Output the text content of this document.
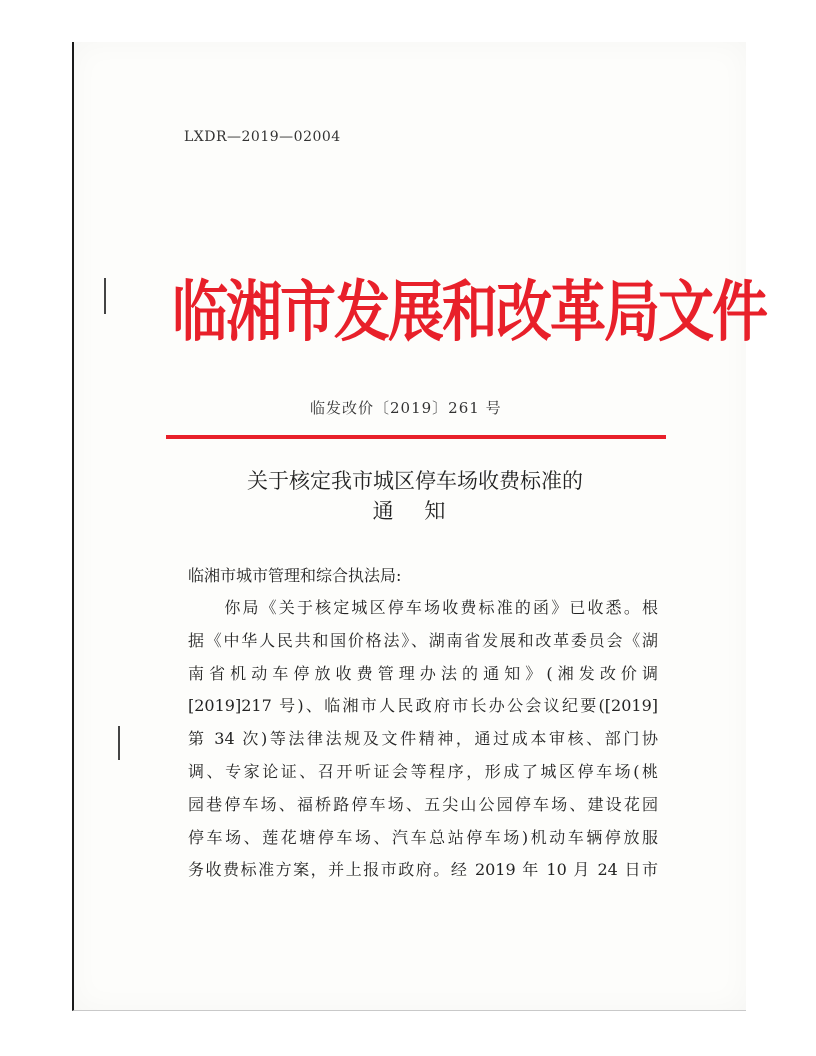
LXDR—2019—02004
临湘市发展和改革局文件
临发改价〔2019〕261 号
关于核定我市城区停车场收费标准的
通 知
临湘市城市管理和综合执法局:
　　你局《关于核定城区停车场收费标准的函》已收悉。根
据《中华人民共和国价格法》、湖南省发展和改革委员会《湖
南省机动车停放收费管理办法的通知》(湘发改价调
[2019]217 号)、临湘市人民政府市长办公会议纪要([2019]
第 34 次)等法律法规及文件精神，通过成本审核、部门协
调、专家论证、召开听证会等程序，形成了城区停车场(桃
园巷停车场、福桥路停车场、五尖山公园停车场、建设花园
停车场、莲花塘停车场、汽车总站停车场)机动车辆停放服
务收费标准方案，并上报市政府。经 2019 年 10 月 24 日市
